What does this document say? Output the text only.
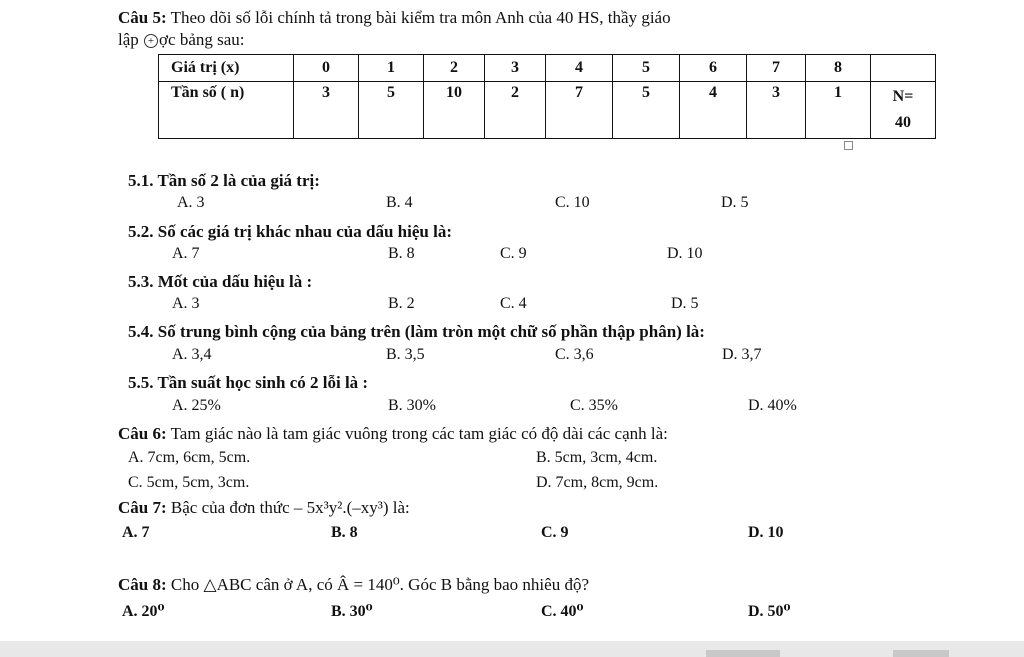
Câu 5: Theo dõi số lỗi chính tả trong bài kiểm tra môn Anh của 40 HS, thầy giáo
lập + ợc bảng sau:
Giá trị (x)	0	1	2	3	4	5	6	7	8	
Tần số ( n)	3	5	10	2	7	5	4	3	1	N=
40
5.1. Tần số 2 là của giá trị:
A. 3	B. 4	C. 10	D. 5
5.2. Số các giá trị khác nhau của dấu hiệu là:
A. 7	B. 8	C. 9	D. 10
5.3. Mốt của dấu hiệu là :
A. 3	B. 2	C. 4	D. 5
5.4. Số trung bình cộng của bảng trên (làm tròn một chữ số phần thập phân) là:
A. 3,4	B. 3,5	C. 3,6	D. 3,7
5.5. Tần suất học sinh có 2 lỗi là :
A. 25%	B. 30%	C. 35%	D. 40%
Câu 6: Tam giác nào là tam giác vuông trong các tam giác có độ dài các cạnh là:
A. 7cm, 6cm, 5cm.	B. 5cm, 3cm, 4cm.
C. 5cm, 5cm, 3cm.	D. 7cm, 8cm, 9cm.
Câu 7: Bậc của đơn thức – 5x³y².(–xy³) là:
A. 7	B. 8	C. 9	D. 10
Câu 8: Cho △ABC cân ở A, có Â = 140⁰. Góc B bằng bao nhiêu độ?
A. 20⁰	B. 30⁰	C. 40⁰	D. 50⁰
